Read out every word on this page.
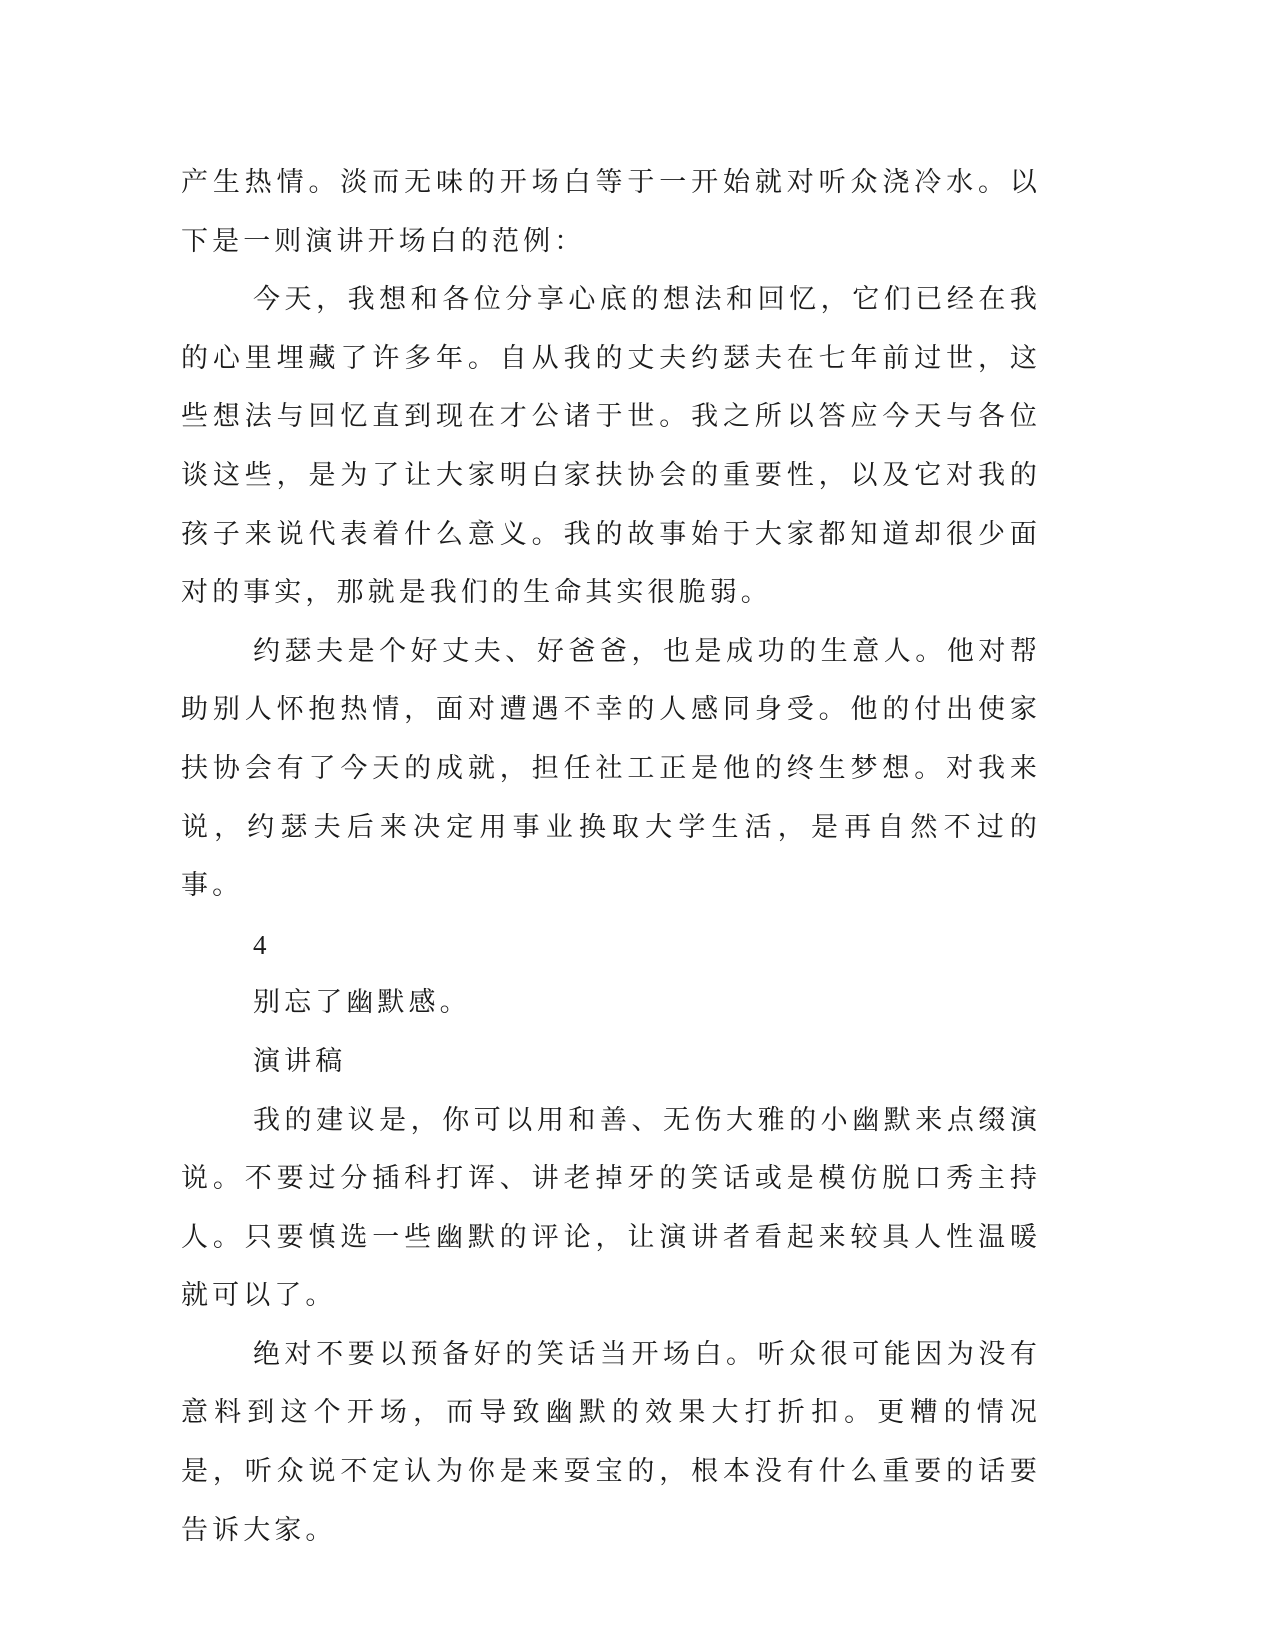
产生热情。淡而无味的开场白等于一开始就对听众浇冷水。以下是一则演讲开场白的范例：

今天，我想和各位分享心底的想法和回忆，它们已经在我的心里埋藏了许多年。自从我的丈夫约瑟夫在七年前过世，这些想法与回忆直到现在才公诸于世。我之所以答应今天与各位谈这些，是为了让大家明白家扶协会的重要性，以及它对我的孩子来说代表着什么意义。我的故事始于大家都知道却很少面对的事实，那就是我们的生命其实很脆弱。

约瑟夫是个好丈夫、好爸爸，也是成功的生意人。他对帮助别人怀抱热情，面对遭遇不幸的人感同身受。他的付出使家扶协会有了今天的成就，担任社工正是他的终生梦想。对我来说，约瑟夫后来决定用事业换取大学生活，是再自然不过的事。

4

别忘了幽默感。

演讲稿

我的建议是，你可以用和善、无伤大雅的小幽默来点缀演说。不要过分插科打诨、讲老掉牙的笑话或是模仿脱口秀主持人。只要慎选一些幽默的评论，让演讲者看起来较具人性温暖就可以了。

绝对不要以预备好的笑话当开场白。听众很可能因为没有意料到这个开场，而导致幽默的效果大打折扣。更糟的情况是，听众说不定认为你是来耍宝的，根本没有什么重要的话要告诉大家。
